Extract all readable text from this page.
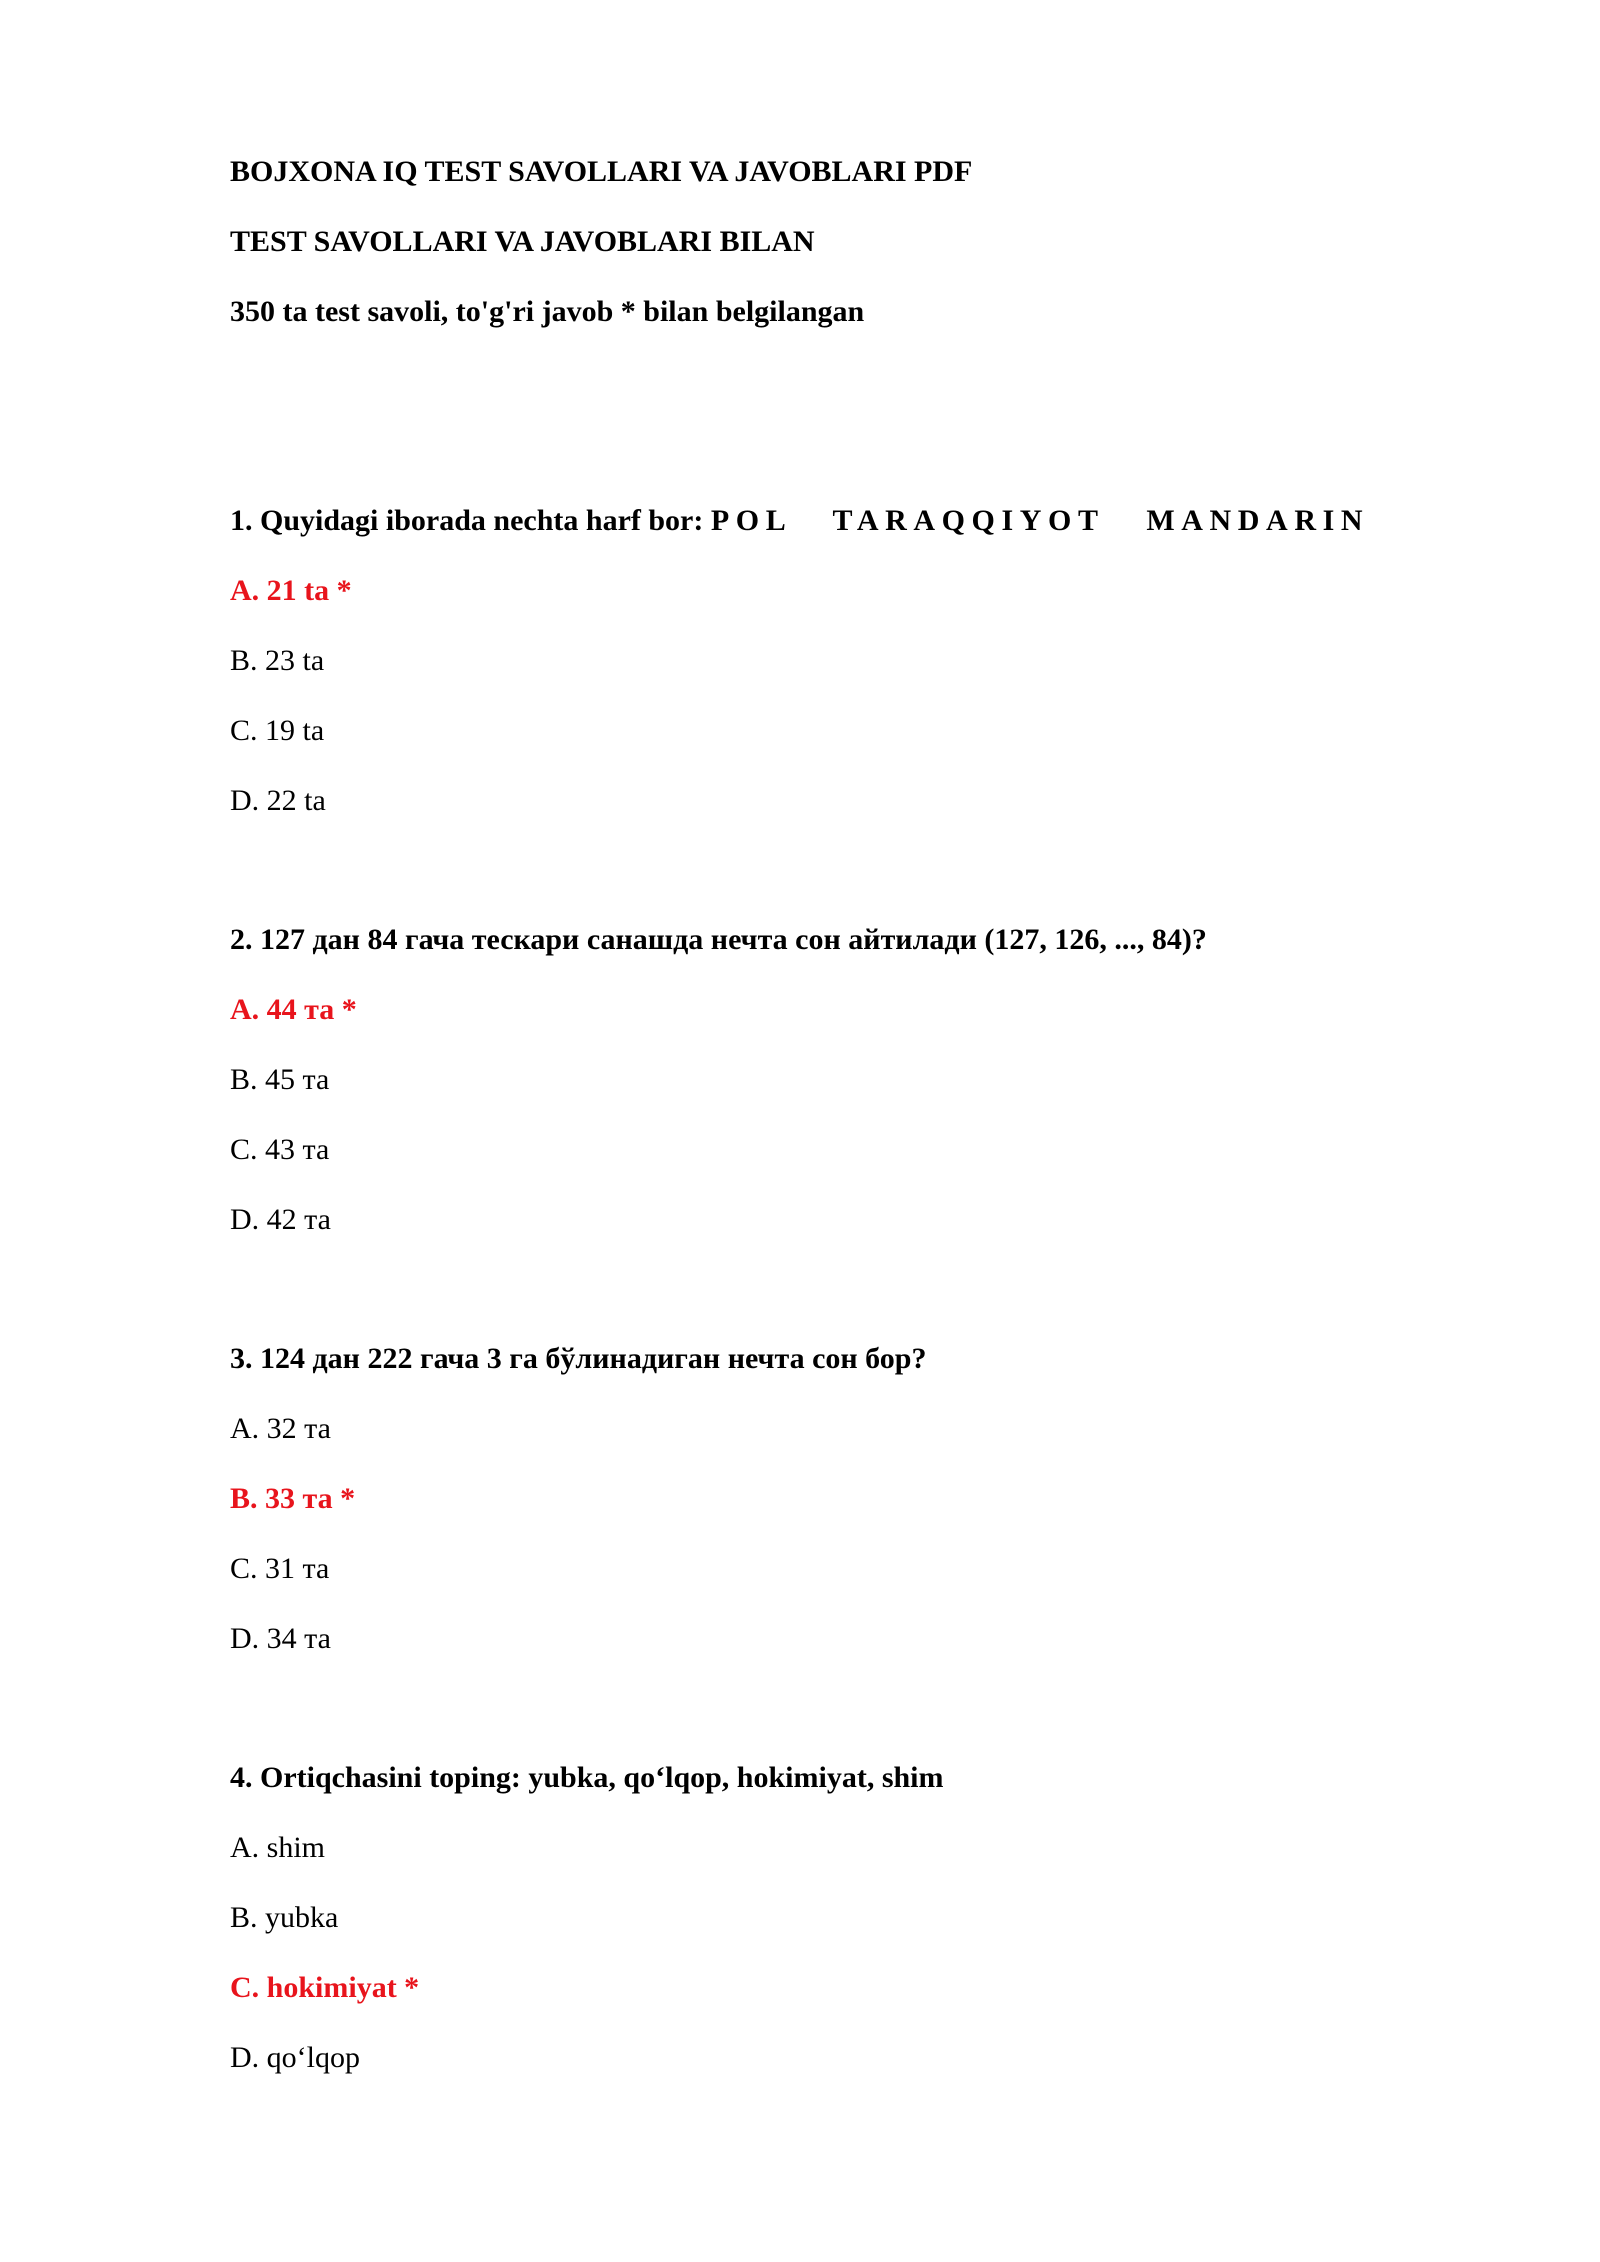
BOJXONA IQ TEST SAVOLLARI VA JAVOBLARI PDF
TEST SAVOLLARI VA JAVOBLARI BILAN
350 ta test savoli, to'g'ri javob * bilan belgilangan
1. Quyidagi iborada nechta harf bor: POL   TARAQQIYOT   MANDARIN
A. 21 ta *
B. 23 ta
C. 19 ta
D. 22 ta
2. 127 дан 84 гача тескари санашда нечта сон айтилади (127, 126, ..., 84)?
A. 44 та *
B. 45 та
C. 43 та
D. 42 та
3. 124 дан 222 гача 3 га бўлинадиган нечта сон бор?
A. 32 та
B. 33 та *
C. 31 та
D. 34 та
4. Ortiqchasini toping: yubka, qo‘lqop, hokimiyat, shim
A. shim
B. yubka
C. hokimiyat *
D. qo‘lqop
